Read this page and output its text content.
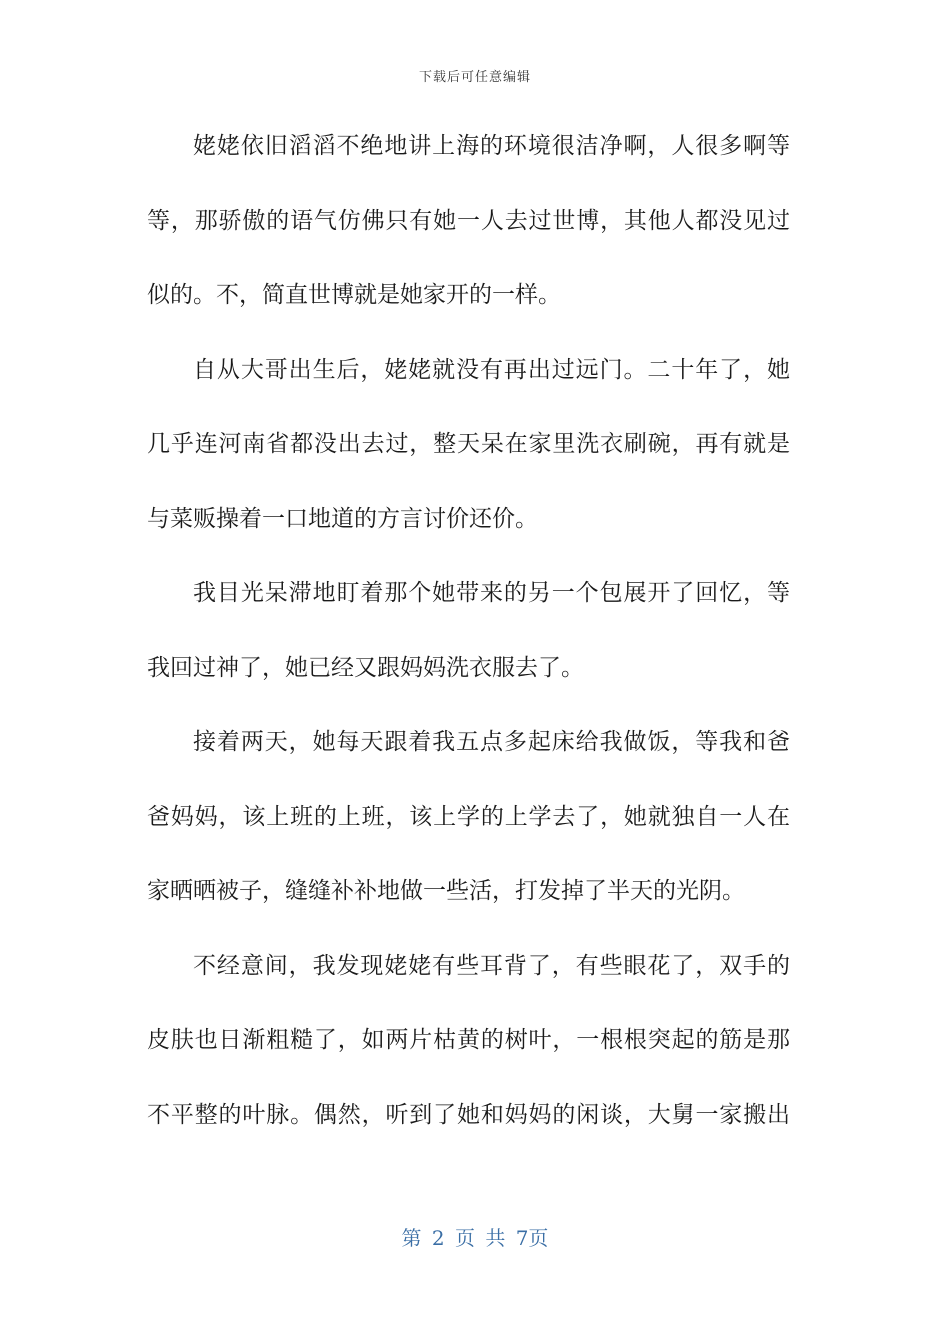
下载后可任意编辑
姥姥依旧滔滔不绝地讲上海的环境很洁净啊，人很多啊等
等，那骄傲的语气仿佛只有她一人去过世博，其他人都没见过
似的。不，简直世博就是她家开的一样。
自从大哥出生后，姥姥就没有再出过远门。二十年了，她
几乎连河南省都没出去过，整天呆在家里洗衣刷碗，再有就是
与菜贩操着一口地道的方言讨价还价。
我目光呆滞地盯着那个她带来的另一个包展开了回忆，等
我回过神了，她已经又跟妈妈洗衣服去了。
接着两天，她每天跟着我五点多起床给我做饭，等我和爸
爸妈妈，该上班的上班，该上学的上学去了，她就独自一人在
家晒晒被子，缝缝补补地做一些活，打发掉了半天的光阴。
不经意间，我发现姥姥有些耳背了，有些眼花了，双手的
皮肤也日渐粗糙了，如两片枯黄的树叶，一根根突起的筋是那
不平整的叶脉。偶然，听到了她和妈妈的闲谈，大舅一家搬出
第 2 页 共 7页
